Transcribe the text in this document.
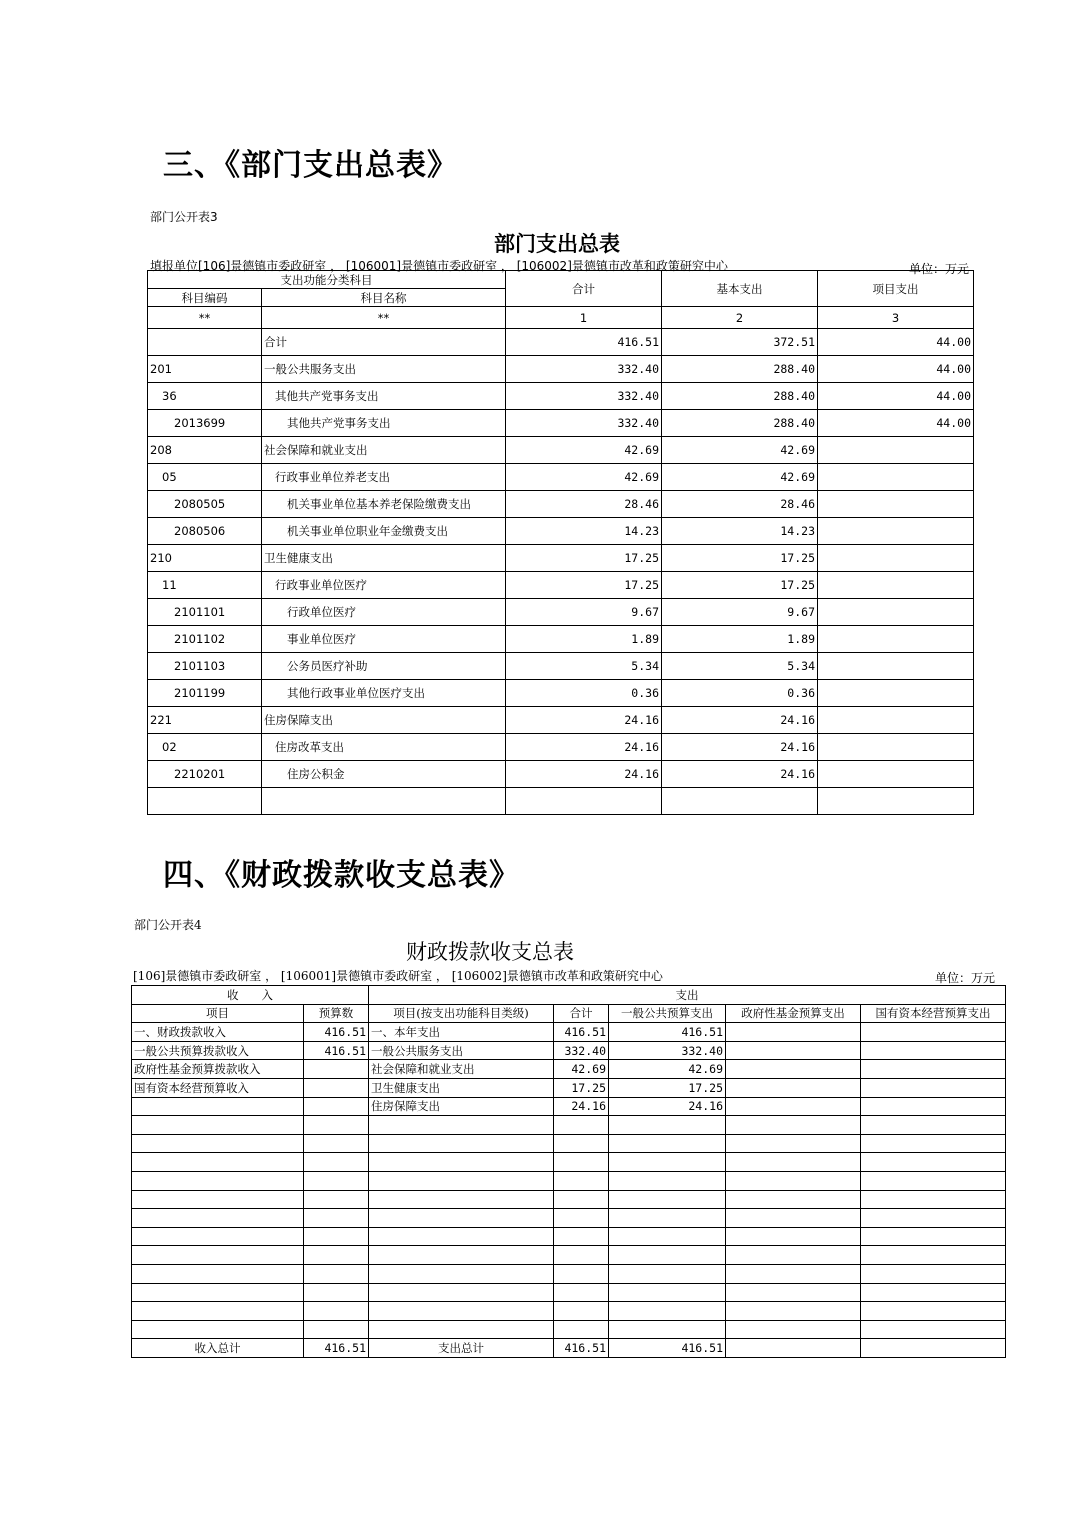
三、《部门支出总表》
部门公开表3
部门支出总表
填报单位[106]景德镇市委政研室 ， [106001]景德镇市委政研室 ， [106002]景德镇市改革和政策研究中心	单位：万元
支出功能分类科目		合计	基本支出	项目支出
科目编码	科目名称			
**	**	1	2	3
	合计	416.51	372.51	44.00
201	一般公共服务支出	332.40	288.40	44.00
36	其他共产党事务支出	332.40	288.40	44.00
2013699	其他共产党事务支出	332.40	288.40	44.00
208	社会保障和就业支出	42.69	42.69	
05	行政事业单位养老支出	42.69	42.69	
2080505	机关事业单位基本养老保险缴费支出	28.46	28.46	
2080506	机关事业单位职业年金缴费支出	14.23	14.23	
210	卫生健康支出	17.25	17.25	
11	行政事业单位医疗	17.25	17.25	
2101101	行政单位医疗	9.67	9.67	
2101102	事业单位医疗	1.89	1.89	
2101103	公务员医疗补助	5.34	5.34	
2101199	其他行政事业单位医疗支出	0.36	0.36	
221	住房保障支出	24.16	24.16	
02	住房改革支出	24.16	24.16	
2210201	住房公积金	24.16	24.16	

四、《财政拨款收支总表》
部门公开表4
财政拨款收支总表
[106]景德镇市委政研室 ， [106001]景德镇市委政研室 ， [106002]景德镇市改革和政策研究中心	单位：万元
收　　入		支出				
项目	预算数	项目(按支出功能科目类级)	合计	一般公共预算支出	政府性基金预算支出	国有资本经营预算支出
一、财政拨款收入	416.51	一、本年支出	416.51	416.51		
一般公共预算拨款收入	416.51	一般公共服务支出	332.40	332.40		
政府性基金预算拨款收入		社会保障和就业支出	42.69	42.69		
国有资本经营预算收入		卫生健康支出	17.25	17.25		
		住房保障支出	24.16	24.16		

收入总计	416.51	支出总计	416.51	416.51		
